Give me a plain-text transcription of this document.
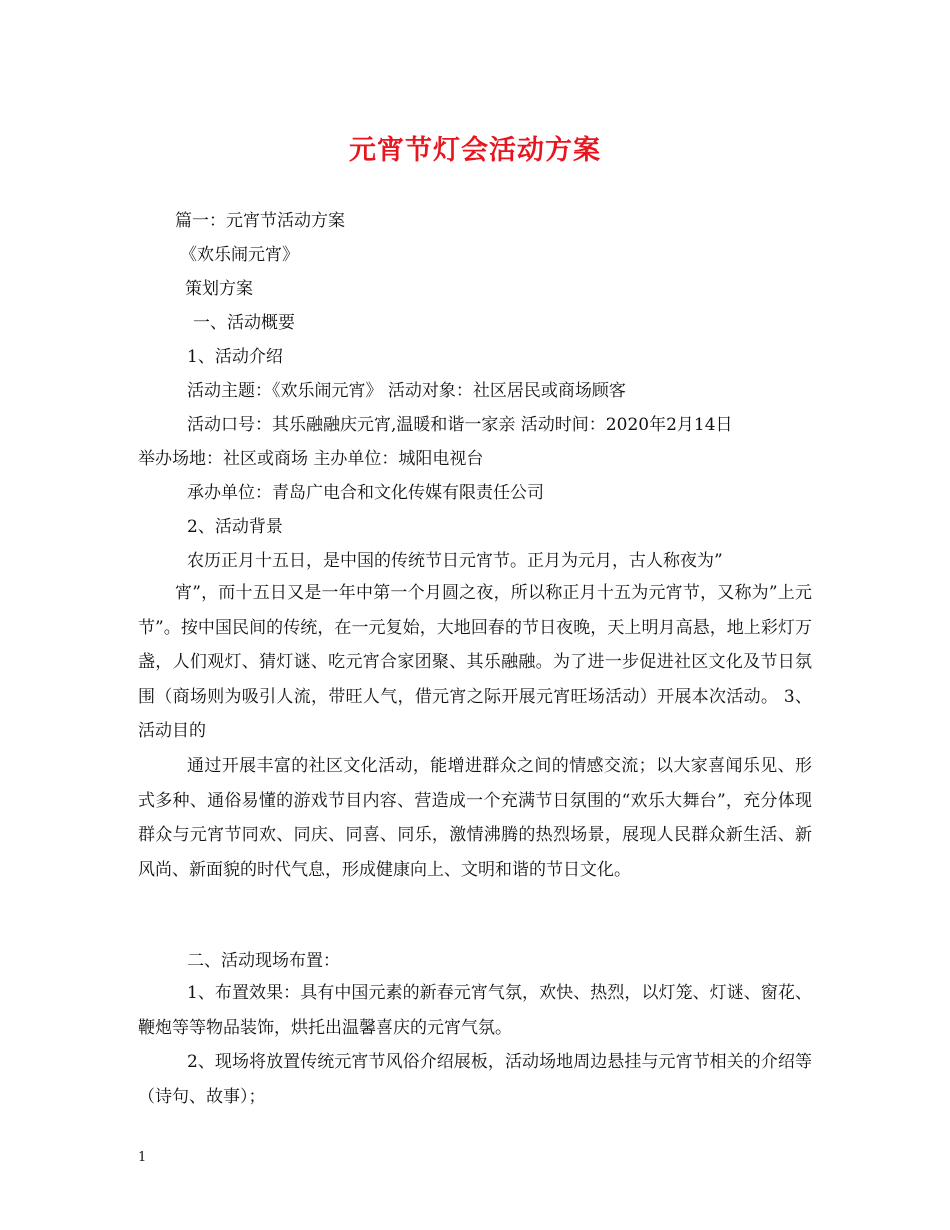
元宵节灯会活动方案
篇一：元宵节活动方案
《欢乐闹元宵》
策划方案
一、活动概要
1、活动介绍
活动主题：《欢乐闹元宵》 活动对象：社区居民或商场顾客
活动口号：其乐融融庆元宵,温暖和谐一家亲 活动时间：2020年2月14日
举办场地：社区或商场 主办单位：城阳电视台
承办单位：青岛广电合和文化传媒有限责任公司
2、活动背景
农历正月十五日，是中国的传统节日元宵节。正月为元月，古人称夜为”
宵”，而十五日又是一年中第一个月圆之夜，所以称正月十五为元宵节，又称为”上元节”。按中国民间的传统，在一元复始，大地回春的节日夜晚，天上明月高悬，地上彩灯万盏，人们观灯、猜灯谜、吃元宵合家团聚、其乐融融。为了进一步促进社区文化及节日氛围（商场则为吸引人流，带旺人气，借元宵之际开展元宵旺场活动）开展本次活动。 3、活动目的
通过开展丰富的社区文化活动，能增进群众之间的情感交流；以大家喜闻乐见、形式多种、通俗易懂的游戏节目内容、营造成一个充满节日氛围的“欢乐大舞台”，充分体现群众与元宵节同欢、同庆、同喜、同乐，激情沸腾的热烈场景，展现人民群众新生活、新风尚、新面貌的时代气息，形成健康向上、文明和谐的节日文化。
二、活动现场布置：
1、布置效果：具有中国元素的新春元宵气氛，欢快、热烈，以灯笼、灯谜、窗花、鞭炮等等物品装饰，烘托出温馨喜庆的元宵气氛。
2、现场将放置传统元宵节风俗介绍展板，活动场地周边悬挂与元宵节相关的介绍等（诗句、故事）；
1
